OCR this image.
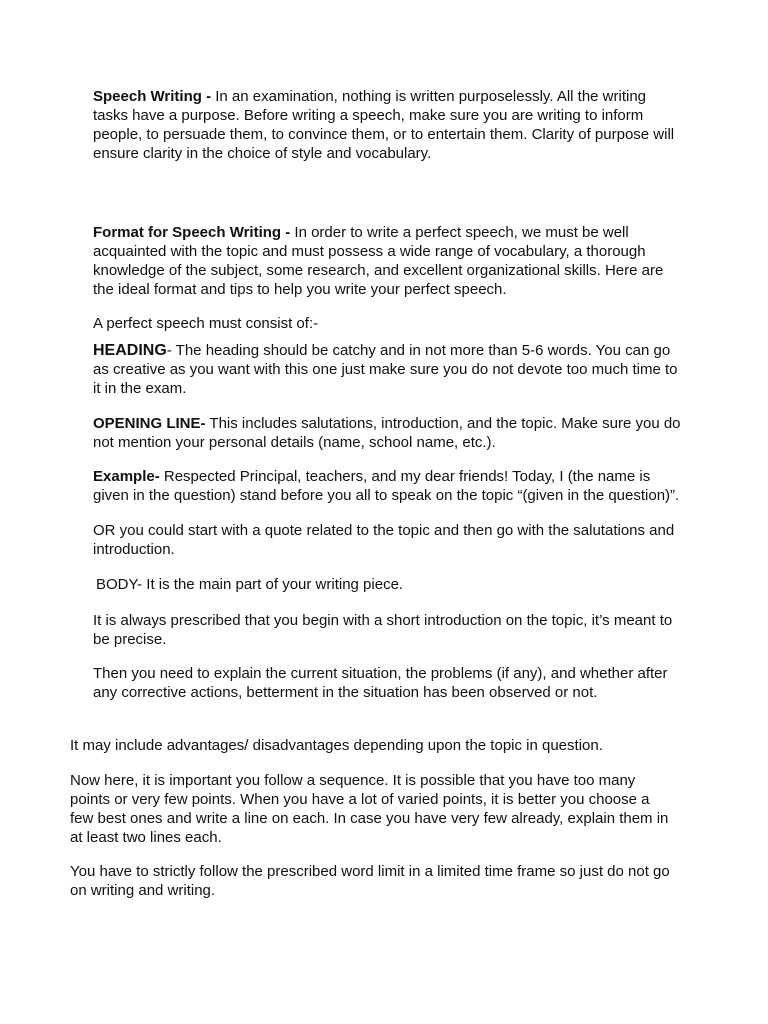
Speech Writing - In an examination, nothing is written purposelessly. All the writing tasks have a purpose. Before writing a speech, make sure you are writing to inform people, to persuade them, to convince them, or to entertain them. Clarity of purpose will ensure clarity in the choice of style and vocabulary.

Format for Speech Writing - In order to write a perfect speech, we must be well acquainted with the topic and must possess a wide range of vocabulary, a thorough knowledge of the subject, some research, and excellent organizational skills. Here are the ideal format and tips to help you write your perfect speech.

A perfect speech must consist of:-

HEADING- The heading should be catchy and in not more than 5-6 words. You can go as creative as you want with this one just make sure you do not devote too much time to it in the exam.

OPENING LINE- This includes salutations, introduction, and the topic. Make sure you do not mention your personal details (name, school name, etc.).

Example- Respected Principal, teachers, and my dear friends! Today, I (the name is given in the question) stand before you all to speak on the topic “(given in the question)”.

OR you could start with a quote related to the topic and then go with the salutations and introduction.

BODY- It is the main part of your writing piece.

It is always prescribed that you begin with a short introduction on the topic, it’s meant to be precise.

Then you need to explain the current situation, the problems (if any), and whether after any corrective actions, betterment in the situation has been observed or not.

It may include advantages/ disadvantages depending upon the topic in question.

Now here, it is important you follow a sequence. It is possible that you have too many points or very few points. When you have a lot of varied points, it is better you choose a few best ones and write a line on each. In case you have very few already, explain them in at least two lines each.

You have to strictly follow the prescribed word limit in a limited time frame so just do not go on writing and writing.
